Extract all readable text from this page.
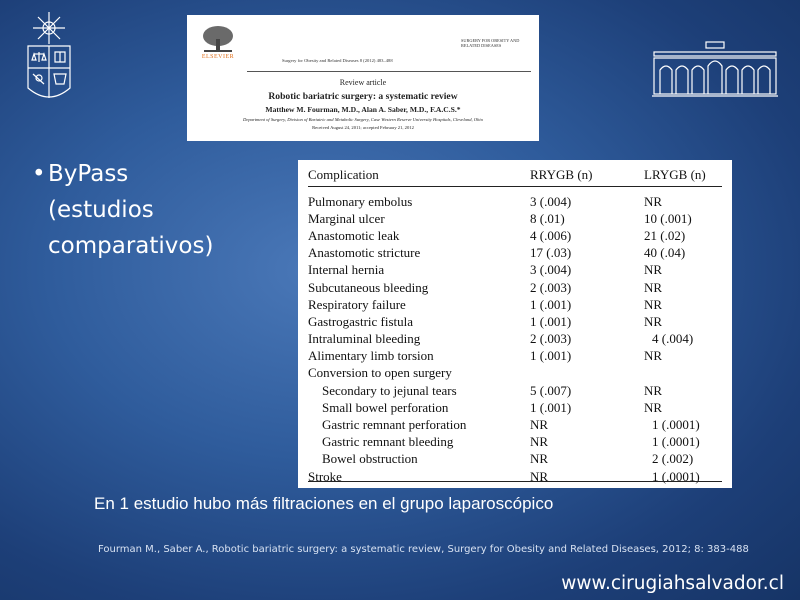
ELSEVIER
Surgery for Obesity and Related Diseases 8 (2012) 483–488
SURGERY FOR OBESITY AND RELATED DISEASES
Review article
Robotic bariatric surgery: a systematic review
Matthew M. Fourman, M.D., Alan A. Saber, M.D., F.A.C.S.*
Department of Surgery, Division of Bariatric and Metabolic Surgery, Case Western Reserve University Hospitals, Cleveland, Ohio
Received August 24, 2011; accepted February 21, 2012
• ByPass
(estudios
comparativos)
Complication	RRYGB (n)	LRYGB (n)
Pulmonary embolus	3 (.004)	NR
Marginal ulcer	8 (.01)	10 (.001)
Anastomotic leak	4 (.006)	21 (.02)
Anastomotic stricture	17 (.03)	40 (.04)
Internal hernia	3 (.004)	NR
Subcutaneous bleeding	2 (.003)	NR
Respiratory failure	1 (.001)	NR
Gastrogastric fistula	1 (.001)	NR
Intraluminal bleeding	2 (.003)	4 (.004)
Alimentary limb torsion	1 (.001)	NR
Conversion to open surgery		
Secondary to jejunal tears	5 (.007)	NR
Small bowel perforation	1 (.001)	NR
Gastric remnant perforation	NR	1 (.0001)
Gastric remnant bleeding	NR	1 (.0001)
Bowel obstruction	NR	2 (.002)
Stroke	NR	1 (.0001)
En 1 estudio hubo más filtraciones en el grupo laparoscópico
Fourman M., Saber A., Robotic bariatric surgery: a systematic review, Surgery for Obesity and Related Diseases, 2012; 8: 383-488
www.cirugiahsalvador.cl
